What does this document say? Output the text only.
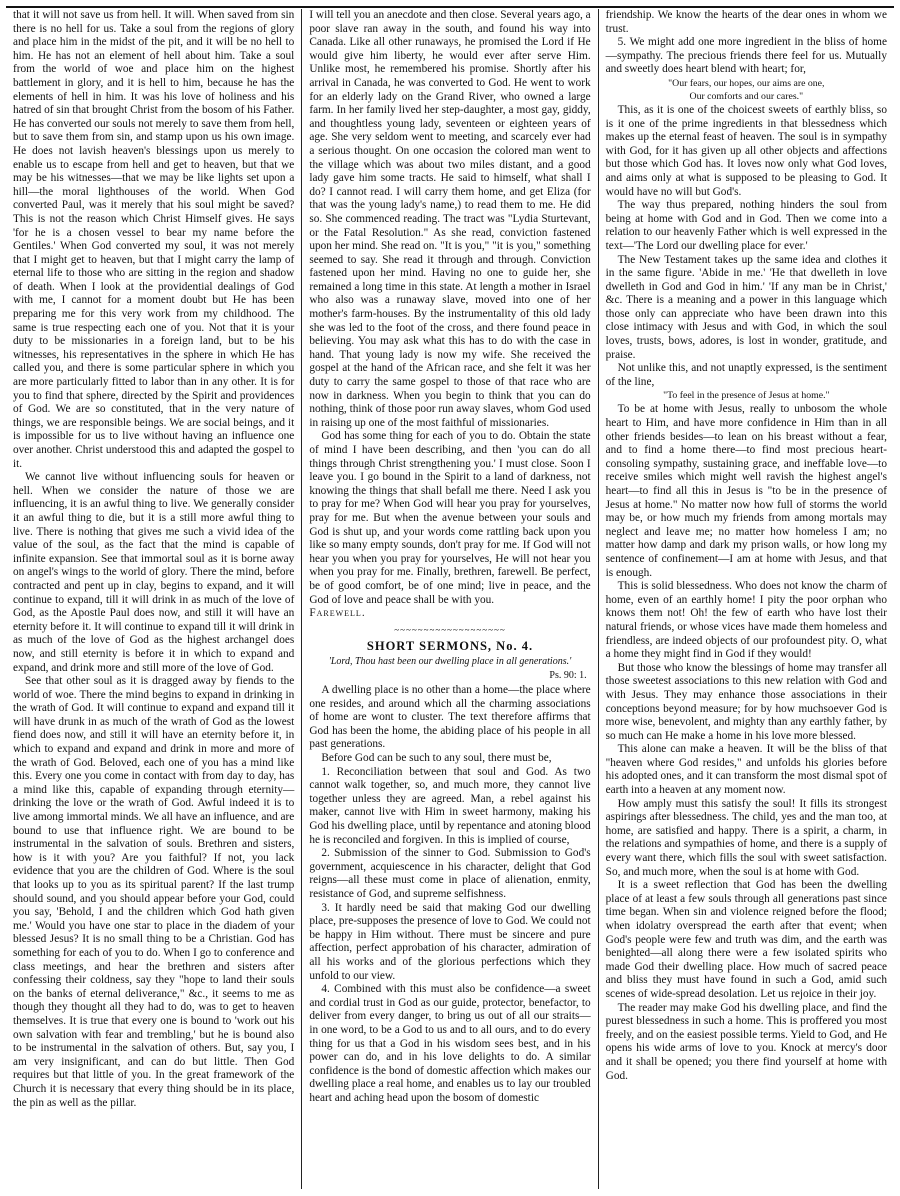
that it will not save us from hell. It will. When saved from sin there is no hell for us. Take a soul from the regions of glory and place him in the midst of the pit, and it will be no hell to him. He has not an element of hell about him. Take a soul from the world of woe and place him on the highest battlement in glory, and it is hell to him, because he has the elements of hell in him. It was his love of holiness and his hatred of sin that brought Christ from the bosom of his Father. He has converted our souls not merely to save them from hell, but to save them from sin, and stamp upon us his own image. He does not lavish heaven's blessings upon us merely to enable us to escape from hell and get to heaven, but that we may be his witnesses—that we may be like lights set upon a hill—the moral lighthouses of the world. When God converted Paul, was it merely that his soul might be saved? This is not the reason which Christ Himself gives. He says 'for he is a chosen vessel to bear my name before the Gentiles.' When God converted my soul, it was not merely that I might get to heaven, but that I might carry the lamp of eternal life to those who are sitting in the region and shadow of death. When I look at the providential dealings of God with me, I cannot for a moment doubt but He has been preparing me for this very work from my childhood. The same is true respecting each one of you. Not that it is your duty to be missionaries in a foreign land, but to be his witnesses, his representatives in the sphere in which He has called you, and there is some particular sphere in which you are more particularly fitted to labor than in any other. It is for you to find that sphere, directed by the Spirit and providences of God. We are so constituted, that in the very nature of things, we are responsible beings. We are social beings, and it is impossible for us to live without having an influence one over another. Christ understood this and adapted the gospel to it.

We cannot live without influencing souls for heaven or hell. When we consider the nature of those we are influencing, it is an awful thing to live. We generally consider it an awful thing to die, but it is a still more awful thing to live. There is nothing that gives me such a vivid idea of the value of the soul, as the fact that the mind is capable of infinite expansion. See that immortal soul as it is borne away on angel's wings to the world of glory. There the mind, before contracted and pent up in clay, begins to expand, and it will continue to expand, till it will drink in as much of the love of God, as the Apostle Paul does now, and still it will have an eternity before it. It will continue to expand till it will drink in as much of the love of God as the highest archangel does now, and still eternity is before it in which to expand and expand, and drink more and still more of the love of God.

See that other soul as it is dragged away by fiends to the world of woe. There the mind begins to expand in drinking in the wrath of God. It will continue to expand and expand till it will have drunk in as much of the wrath of God as the lowest fiend does now, and still it will have an eternity before it, in which to expand and expand and drink in more and more of the wrath of God. Beloved, each one of you has a mind like this. Every one you come in contact with from day to day, has a mind like this, capable of expanding through eternity—drinking the love or the wrath of God. Awful indeed it is to live among immortal minds. We all have an influence, and are bound to use that influence right. We are bound to be instrumental in the salvation of souls. Brethren and sisters, how is it with you? Are you faithful? If not, you lack evidence that you are the children of God. Where is the soul that looks up to you as its spiritual parent? If the last trump should sound, and you should appear before your God, could you say, 'Behold, I and the children which God hath given me.' Would you have one star to place in the diadem of your blessed Jesus? It is no small thing to be a Christian. God has something for each of you to do. When I go to conference and class meetings, and hear the brethren and sisters after confessing their coldness, say they "hope to land their souls on the banks of eternal deliverance," &c., it seems to me as though they thought all they had to do, was to get to heaven themselves. It is true that every one is bound to 'work out his own salvation with fear and trembling,' but he is bound also to be instrumental in the salvation of others. But, say you, I am very insignificant, and can do but little. Then God requires but that little of you. In the great framework of the Church it is necessary that every thing should be in its place, the pin as well as the pillar.

I will tell you an anecdote and then close. Several years ago, a poor slave ran away in the south, and found his way into Canada. Like all other runaways, he promised the Lord if He would give him liberty, he would ever after serve Him. Unlike most, he remembered his promise. Shortly after his arrival in Canada, he was converted to God. He went to work for an elderly lady on the Grand River, who owned a large farm. In her family lived her step-daughter, a most gay, giddy, and thoughtless young lady, seventeen or eighteen years of age. She very seldom went to meeting, and scarcely ever had a serious thought. On one occasion the colored man went to the village which was about two miles distant, and a good lady gave him some tracts. He said to himself, what shall I do? I cannot read. I will carry them home, and get Eliza (for that was the young lady's name,) to read them to me. He did so. She commenced reading. The tract was "Lydia Sturtevant, or the Fatal Resolution." As she read, conviction fastened upon her mind. She read on. "It is you," "it is you," something seemed to say. She read it through and through. Conviction fastened upon her mind. Having no one to guide her, she remained a long time in this state. At length a mother in Israel who also was a runaway slave, moved into one of her mother's farm-houses. By the instrumentality of this old lady she was led to the foot of the cross, and there found peace in believing. You may ask what this has to do with the case in hand. That young lady is now my wife. She received the gospel at the hand of the African race, and she felt it was her duty to carry the same gospel to those of that race who are now in darkness. When you begin to think that you can do nothing, think of those poor run away slaves, whom God used in raising up one of the most faithful of missionaries.

God has some thing for each of you to do. Obtain the state of mind I have been describing, and then 'you can do all things through Christ strengthening you.' I must close. Soon I leave you. I go bound in the Spirit to a land of darkness, not knowing the things that shall befall me there. Need I ask you to pray for me? When God will hear you pray for yourselves, pray for me. But when the avenue between your souls and God is shut up, and your words come rattling back upon you like so many empty sounds, don't pray for me. If God will not hear you when you pray for yourselves, He will not hear you when you pray for me. Finally, brethren, farewell. Be perfect, be of good comfort, be of one mind; live in peace, and the God of love and peace shall be with you.

Farewell.

~~~~~~~~~~~~~~~~~~~
SHORT SERMONS, No. 4.

'Lord, Thou hast been our dwelling place in all generations.'

Ps. 90: 1.

A dwelling place is no other than a home—the place where one resides, and around which all the charming associations of home are wont to cluster. The text therefore affirms that God has been the home, the abiding place of his people in all past generations.

Before God can be such to any soul, there must be,

1. Reconciliation between that soul and God. As two cannot walk together, so, and much more, they cannot live together unless they are agreed. Man, a rebel against his maker, cannot live with Him in sweet harmony, making his God his dwelling place, until by repentance and atoning blood he is reconciled and forgiven. In this is implied of course,

2. Submission of the sinner to God. Submission to God's government, acquiescence in his character, delight that God reigns—all these must come in place of alienation, enmity, resistance of God, and supreme selfishness.

3. It hardly need be said that making God our dwelling place, pre-supposes the presence of love to God. We could not be happy in Him without. There must be sincere and pure affection, perfect approbation of his character, admiration of all his works and of the glorious perfections which they unfold to our view.

4. Combined with this must also be confidence—a sweet and cordial trust in God as our guide, protector, benefactor, to deliver from every danger, to bring us out of all our straits—in one word, to be a God to us and to all ours, and to do every thing for us that a God in his wisdom sees best, and in his power can do, and in his love delights to do. A similar confidence is the bond of domestic affection which makes our dwelling place a real home, and enables us to lay our troubled heart and aching head upon the bosom of domestic

friendship. We know the hearts of the dear ones in whom we trust.

5. We might add one more ingredient in the bliss of home—sympathy. The precious friends there feel for us. Mutually and sweetly does heart blend with heart; for,

"Our fears, our hopes, our aims are one,

Our comforts and our cares."

This, as it is one of the choicest sweets of earthly bliss, so is it one of the prime ingredients in that blessedness which makes up the eternal feast of heaven. The soul is in sympathy with God, for it has given up all other objects and affections but those which God has. It loves now only what God loves, and aims only at what is supposed to be pleasing to God. It would have no will but God's.

The way thus prepared, nothing hinders the soul from being at home with God and in God. Then we come into a relation to our heavenly Father which is well expressed in the text—'The Lord our dwelling place for ever.'

The New Testament takes up the same idea and clothes it in the same figure. 'Abide in me.' 'He that dwelleth in love dwelleth in God and God in him.' 'If any man be in Christ,' &c. There is a meaning and a power in this language which those only can appreciate who have been drawn into this close intimacy with Jesus and with God, in which the soul loves, trusts, bows, adores, is lost in wonder, gratitude, and praise.

Not unlike this, and not unaptly expressed, is the sentiment of the line,

"To feel in the presence of Jesus at home."

To be at home with Jesus, really to unbosom the whole heart to Him, and have more confidence in Him than in all other friends besides—to lean on his breast without a fear, and to find a home there—to find most precious heart-consoling sympathy, sustaining grace, and ineffable love—to receive smiles which might well ravish the highest angel's heart—to find all this in Jesus is "to be in the presence of Jesus at home." No matter now how full of storms the world may be, or how much my friends from among mortals may neglect and leave me; no matter how homeless I am; no matter how damp and dark my prison walls, or how long my sentence of confinement—I am at home with Jesus, and that is enough.

This is solid blessedness. Who does not know the charm of home, even of an earthly home! I pity the poor orphan who knows them not! Oh! the few of earth who have lost their natural friends, or whose vices have made them homeless and friendless, are indeed objects of our profoundest pity. O, what a home they might find in God if they would!

But those who know the blessings of home may transfer all those sweetest associations to this new relation with God and with Jesus. They may enhance those associations in their conceptions beyond measure; for by how muchsoever God is more wise, benevolent, and mighty than any earthly father, by so much can He make a home in his love more blessed.

This alone can make a heaven. It will be the bliss of that "heaven where God resides," and unfolds his glories before his adopted ones, and it can transform the most dismal spot of earth into a heaven at any moment now.

How amply must this satisfy the soul! It fills its strongest aspirings after blessedness. The child, yes and the man too, at home, are satisfied and happy. There is a spirit, a charm, in the relations and sympathies of home, and there is a supply of every want there, which fills the soul with sweet satisfaction. So, and much more, when the soul is at home with God.

It is a sweet reflection that God has been the dwelling place of at least a few souls through all generations past since time began. When sin and violence reigned before the flood; when idolatry overspread the earth after that event; when God's people were few and truth was dim, and the earth was benighted—all along there were a few isolated spirits who made God their dwelling place. How much of sacred peace and bliss they must have found in such a God, amid such scenes of wide-spread desolation. Let us rejoice in their joy.

The reader may make God his dwelling place, and find the purest blessedness in such a home. This is proffered you most freely, and on the easiest possible terms. Yield to God, and He opens his wide arms of love to you. Knock at mercy's door and it shall be opened; you there find yourself at home with God.
